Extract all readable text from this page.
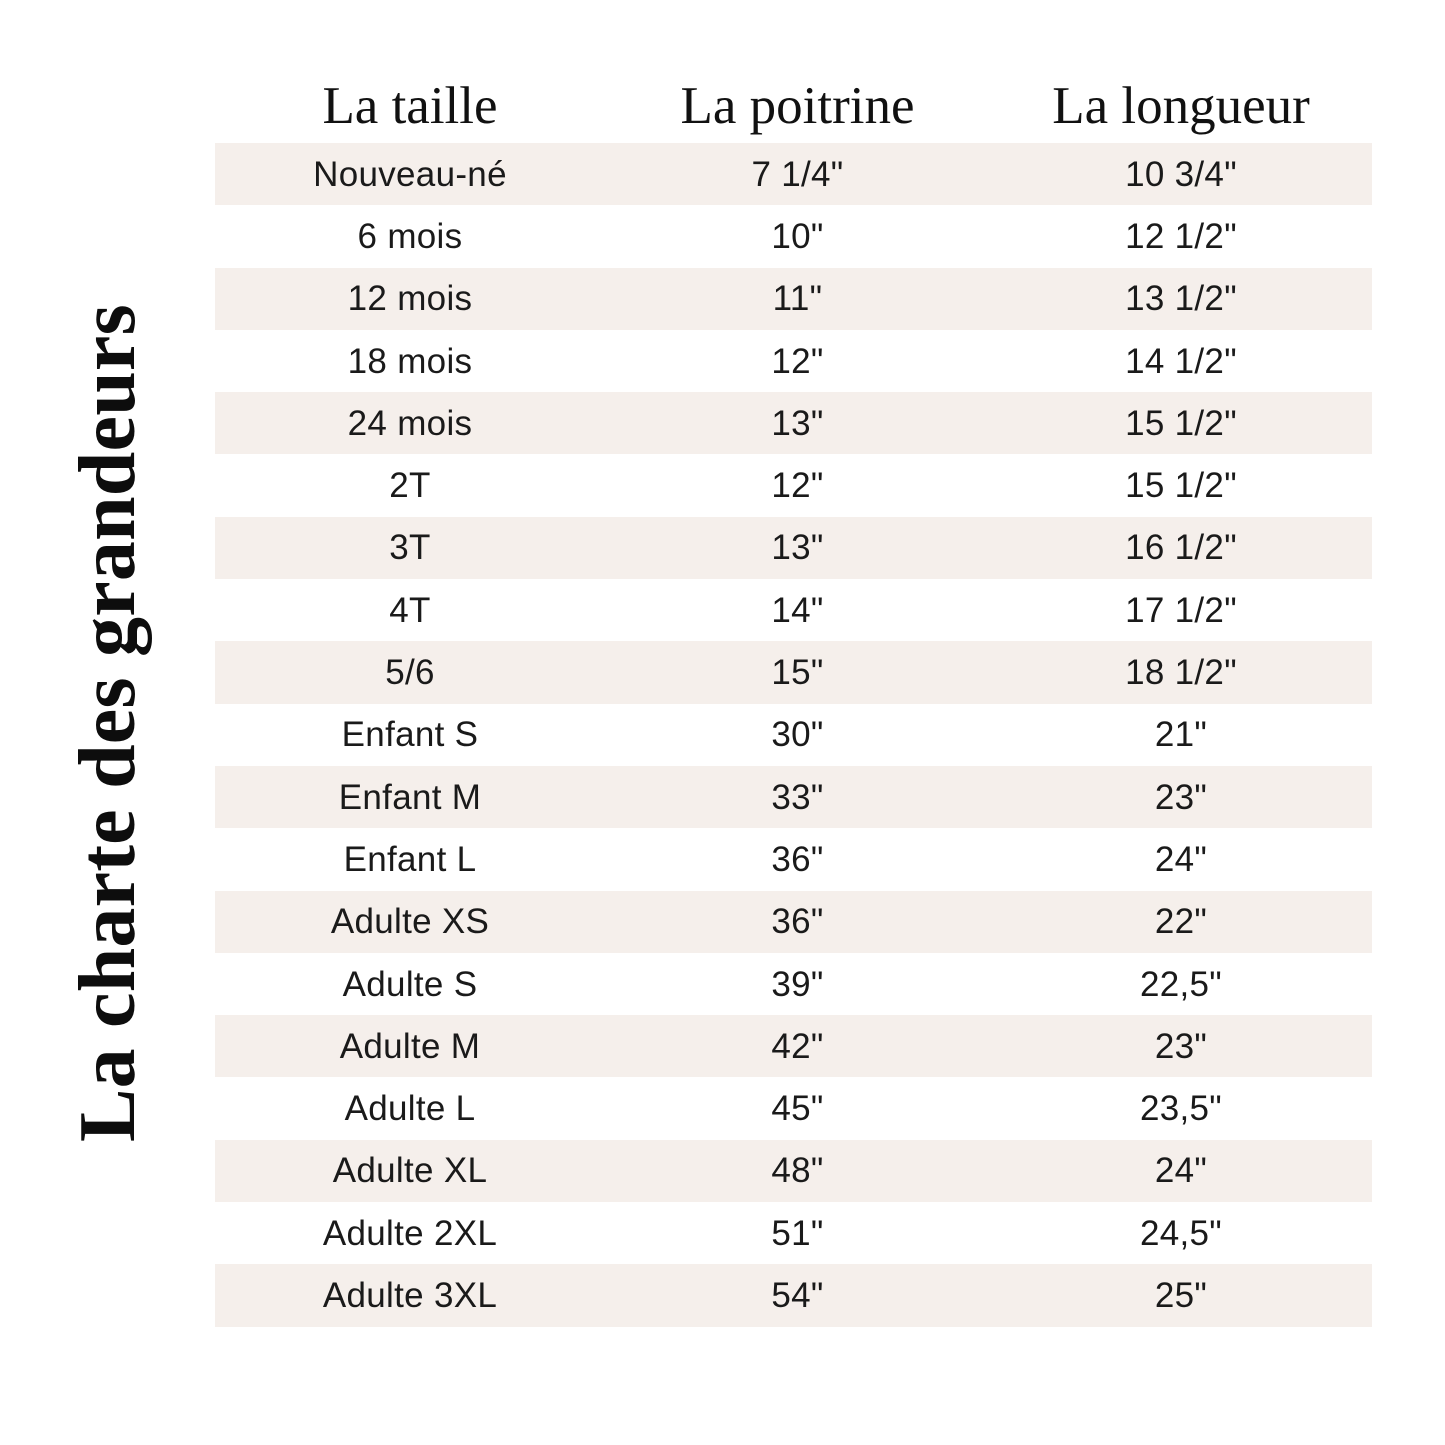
La charte des grandeurs
La taille	La poitrine	La longueur
Nouveau-né	7 1/4"	10 3/4"
6 mois	10"	12 1/2"
12 mois	11"	13 1/2"
18 mois	12"	14 1/2"
24 mois	13"	15 1/2"
2T	12"	15 1/2"
3T	13"	16 1/2"
4T	14"	17 1/2"
5/6	15"	18 1/2"
Enfant S	30"	21"
Enfant M	33"	23"
Enfant L	36"	24"
Adulte XS	36"	22"
Adulte S	39"	22,5"
Adulte M	42"	23"
Adulte L	45"	23,5"
Adulte XL	48"	24"
Adulte 2XL	51"	24,5"
Adulte 3XL	54"	25"
